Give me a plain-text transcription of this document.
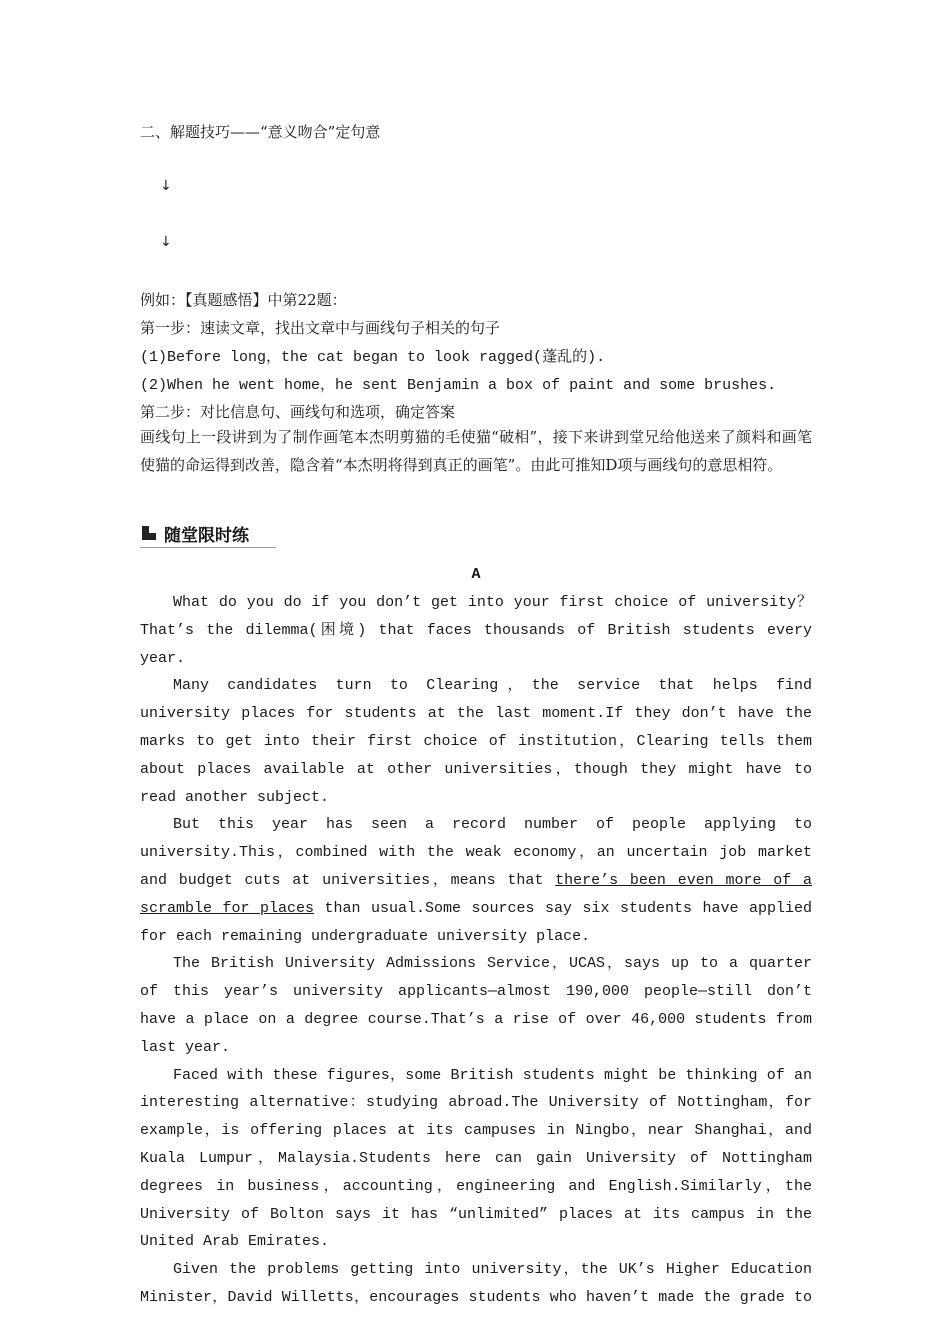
二、解题技巧——“意义吻合”定句意
↓
↓
例如：【真题感悟】中第22题：
第一步：速读文章，找出文章中与画线句子相关的句子
(1)Before long，the cat began to look ragged(蓬乱的).
(2)When he went home，he sent Benjamin a box of paint and some brushes.
第二步：对比信息句、画线句和选项，确定答案
画线句上一段讲到为了制作画笔本杰明剪猫的毛使猫“破相”，接下来讲到堂兄给他送来了颜料和画笔使猫的命运得到改善，隐含着“本杰明将得到真正的画笔”。由此可推知D项与画线句的意思相符。
随堂限时练
A

What do you do if you don’t get into your first choice of university？That’s the dilemma(困境) that faces thousands of British students every year.

Many candidates turn to Clearing，the service that helps find university places for students at the last moment.If they don’t have the marks to get into their first choice of institution，Clearing tells them about places available at other universities，though they might have to read another subject.

But this year has seen a record number of people applying to university.This，combined with the weak economy，an uncertain job market and budget cuts at universities，means that there’s been even more of a scramble for places than usual.Some sources say six students have applied for each remaining undergraduate university place.

The British University Admissions Service，UCAS，says up to a quarter of this year’s university applicants—almost 190,000 people—still don’t have a place on a degree course.That’s a rise of over 46,000 students from last year.

Faced with these figures，some British students might be thinking of an interesting alternative：studying abroad.The University of Nottingham，for example，is offering places at its campuses in Ningbo，near Shanghai，and Kuala Lumpur，Malaysia.Students here can gain University of Nottingham degrees in business，accounting，engineering and English.Similarly，the University of Bolton says it has “unlimited” places at its campus in the United Arab Emirates.

Given the problems getting into university，the UK’s Higher Education Minister，David Willetts，encourages students who haven’t made the grade to
